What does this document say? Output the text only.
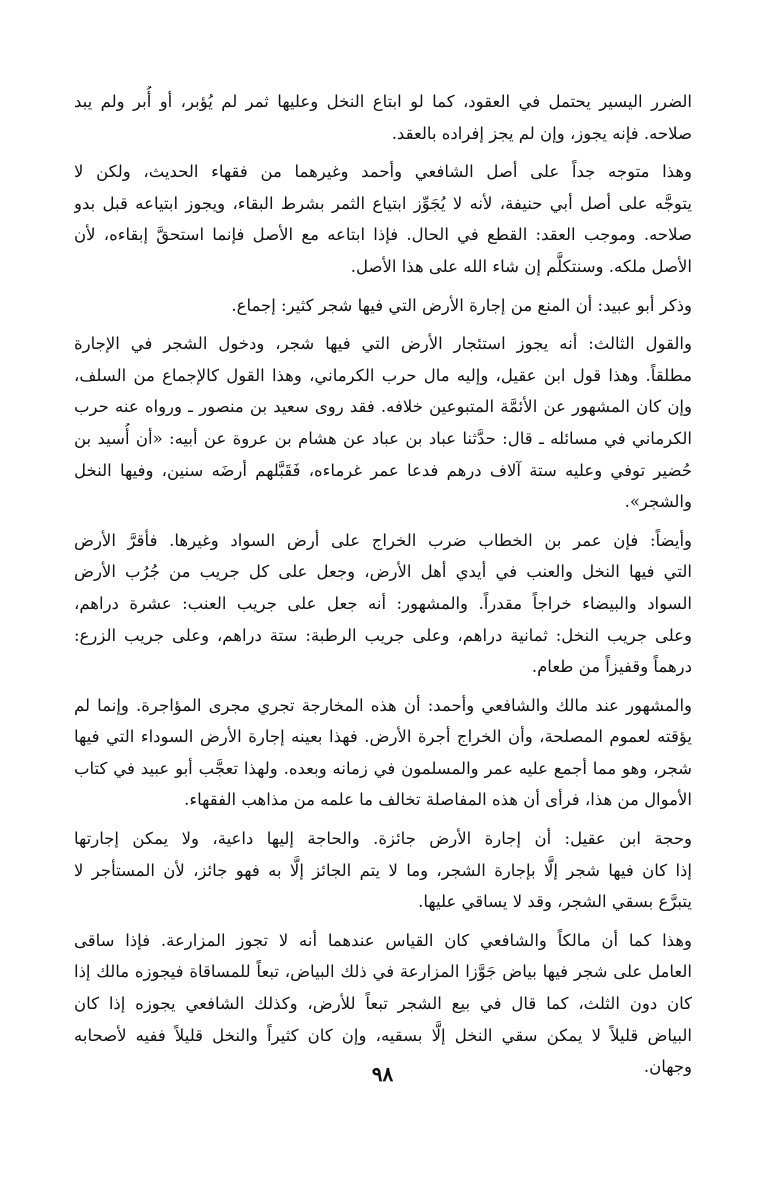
الضرر اليسير يحتمل في العقود، كما لو ابتاع النخل وعليها ثمر لم يُؤبر، أو أُبر ولم يبد
صلاحه. فإنه يجوز، وإن لم يجز إفراده بالعقد.

وهذا متوجه جداً على أصل الشافعي وأحمد وغيرهما من فقهاء الحديث، ولكن لا
يتوجَّه على أصل أبي حنيفة، لأنه لا يُجَوِّز ابتياع الثمر بشرط البقاء، ويجوز ابتياعه قبل بدو
صلاحه. وموجب العقد: القطع في الحال. فإذا ابتاعه مع الأصل فإنما استحقَّ إبقاءه، لأن
الأصل ملكه. وسنتكلَّم إن شاء الله على هذا الأصل.

وذكر أبو عبيد: أن المنع من إجارة الأرض التي فيها شجر كثير: إجماع.

والقول الثالث: أنه يجوز استئجار الأرض التي فيها شجر، ودخول الشجر في الإجارة
مطلقاً. وهذا قول ابن عقيل، وإليه مال حرب الكرماني، وهذا القول كالإجماع من السلف،
وإن كان المشهور عن الأئمَّة المتبوعين خلافه. فقد روى سعيد بن منصور ـ ورواه عنه حرب
الكرماني في مسائله ـ قال: حدَّثنا عباد بن عباد عن هشام بن عروة عن أبيه: «أن أُسيد بن
حُضير توفي وعليه ستة آلاف درهم فدعا عمر غرماءه، فَقَبَّلهم أرضَه سنين، وفيها النخل
والشجر».

وأيضاً: فإن عمر بن الخطاب ضرب الخراج على أرض السواد وغيرها. فأقرَّ الأرض
التي فيها النخل والعنب في أيدي أهل الأرض، وجعل على كل جريب من جُرُب الأرض
السواد والبيضاء خراجاً مقدراً. والمشهور: أنه جعل على جريب العنب: عشرة دراهم،
وعلى جريب النخل: ثمانية دراهم، وعلى جريب الرطبة: ستة دراهم، وعلى جريب الزرع:
درهماً وقفيزاً من طعام.

والمشهور عند مالك والشافعي وأحمد: أن هذه المخارجة تجري مجرى المؤاجرة. وإنما لم
يؤقته لعموم المصلحة، وأن الخراج أجرة الأرض. فهذا بعينه إجارة الأرض السوداء التي فيها
شجر، وهو مما أجمع عليه عمر والمسلمون في زمانه وبعده. ولهذا تعجَّب أبو عبيد في كتاب
الأموال من هذا، فرأى أن هذه المفاصلة تخالف ما علمه من مذاهب الفقهاء.

وحجة ابن عقيل: أن إجارة الأرض جائزة. والحاجة إليها داعية، ولا يمكن إجارتها
إذا كان فيها شجر إلَّا بإجارة الشجر، وما لا يتم الجائز إلَّا به فهو جائز، لأن المستأجر لا
يتبرَّع بسقي الشجر، وقد لا يساقي عليها.

وهذا كما أن مالكاً والشافعي كان القياس عندهما أنه لا تجوز المزارعة. فإذا ساقى
العامل على شجر فيها بياض جَوَّزا المزارعة في ذلك البياض، تبعاً للمساقاة فيجوزه مالك إذا
كان دون الثلث، كما قال في بيع الشجر تبعاً للأرض، وكذلك الشافعي يجوزه إذا كان
البياض قليلاً لا يمكن سقي النخل إلَّا بسقيه، وإن كان كثيراً والنخل قليلاً ففيه لأصحابه
وجهان.

٩٨
